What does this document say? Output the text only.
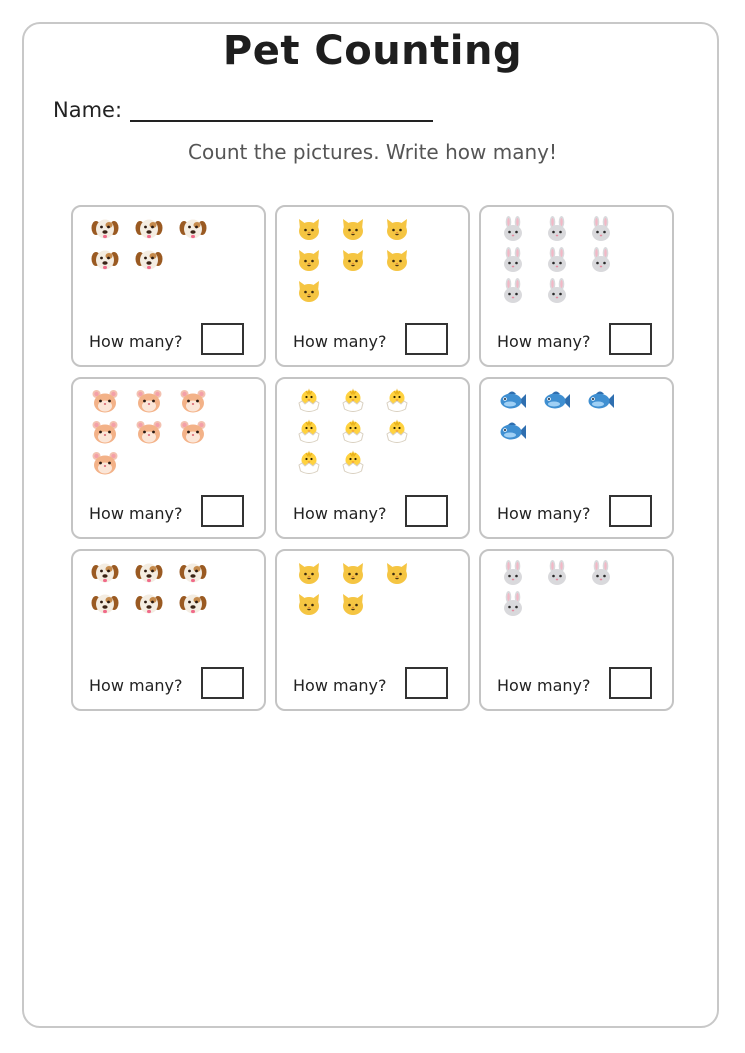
Pet Counting
Name:
Count the pictures. Write how many!
How many?	How many?	How many?
How many?	How many?	How many?
How many?	How many?	How many?
